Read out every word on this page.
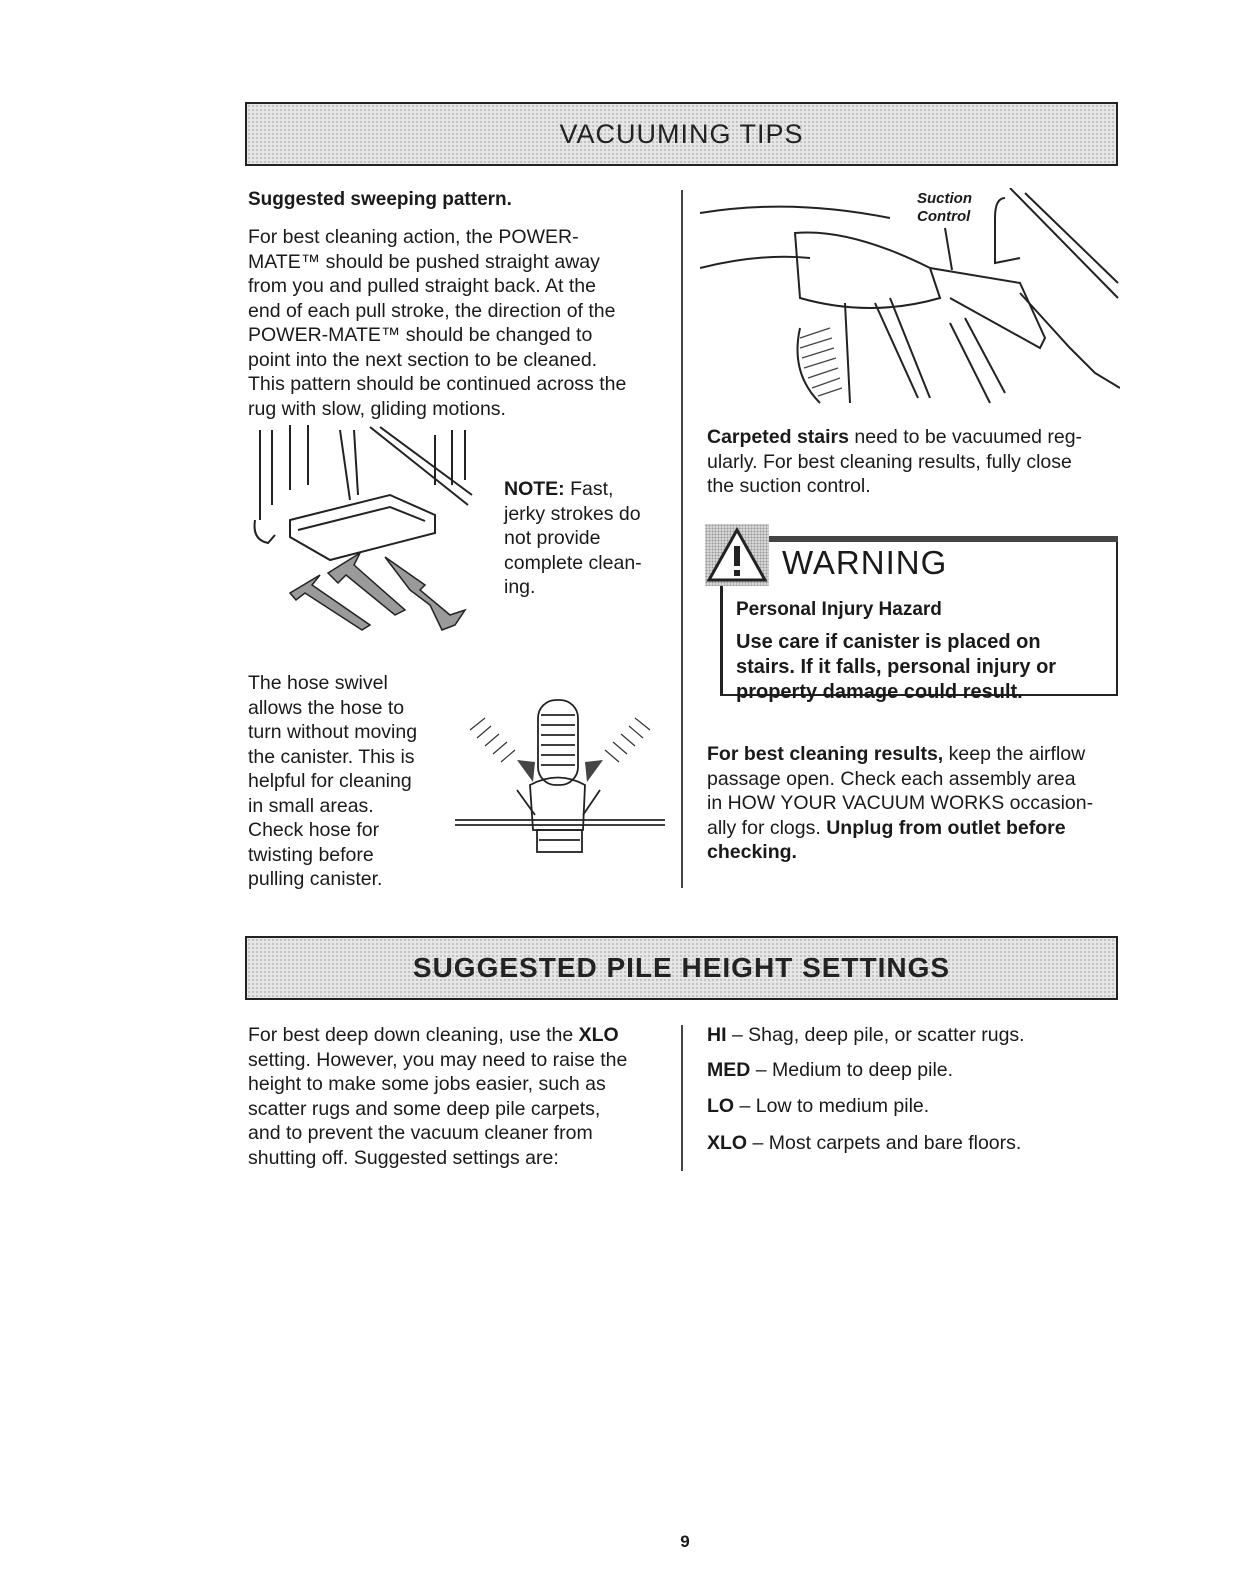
VACUUMING TIPS

Suggested sweeping pattern.

For best cleaning action, the POWER-

MATE™ should be pushed straight away

from you and pulled straight back. At the

end of each pull stroke, the direction of the

POWER-MATE™ should be changed to

point into the next section to be cleaned.

This pattern should be continued across the

rug with slow, gliding motions.

NOTE: Fast,

jerky strokes do

not provide

complete clean-

ing.

The hose swivel

allows the hose to

turn without moving

the canister. This is

helpful for cleaning

in small areas.

Check hose for

twisting before

pulling canister.

Suction

Control

Carpeted stairs need to be vacuumed reg-

ularly. For best cleaning results, fully close

the suction control.

WARNING

Personal Injury Hazard

Use care if canister is placed on

stairs. If it falls, personal injury or

property damage could result.

For best cleaning results, keep the airflow

passage open. Check each assembly area

in HOW YOUR VACUUM WORKS occasion-

ally for clogs. Unplug from outlet before

checking.

SUGGESTED PILE HEIGHT SETTINGS

For best deep down cleaning, use the XLO

setting. However, you may need to raise the

height to make some jobs easier, such as

scatter rugs and some deep pile carpets,

and to prevent the vacuum cleaner from

shutting off. Suggested settings are:

HI – Shag, deep pile, or scatter rugs.

MED – Medium to deep pile.

LO – Low to medium pile.

XLO – Most carpets and bare floors.

9
